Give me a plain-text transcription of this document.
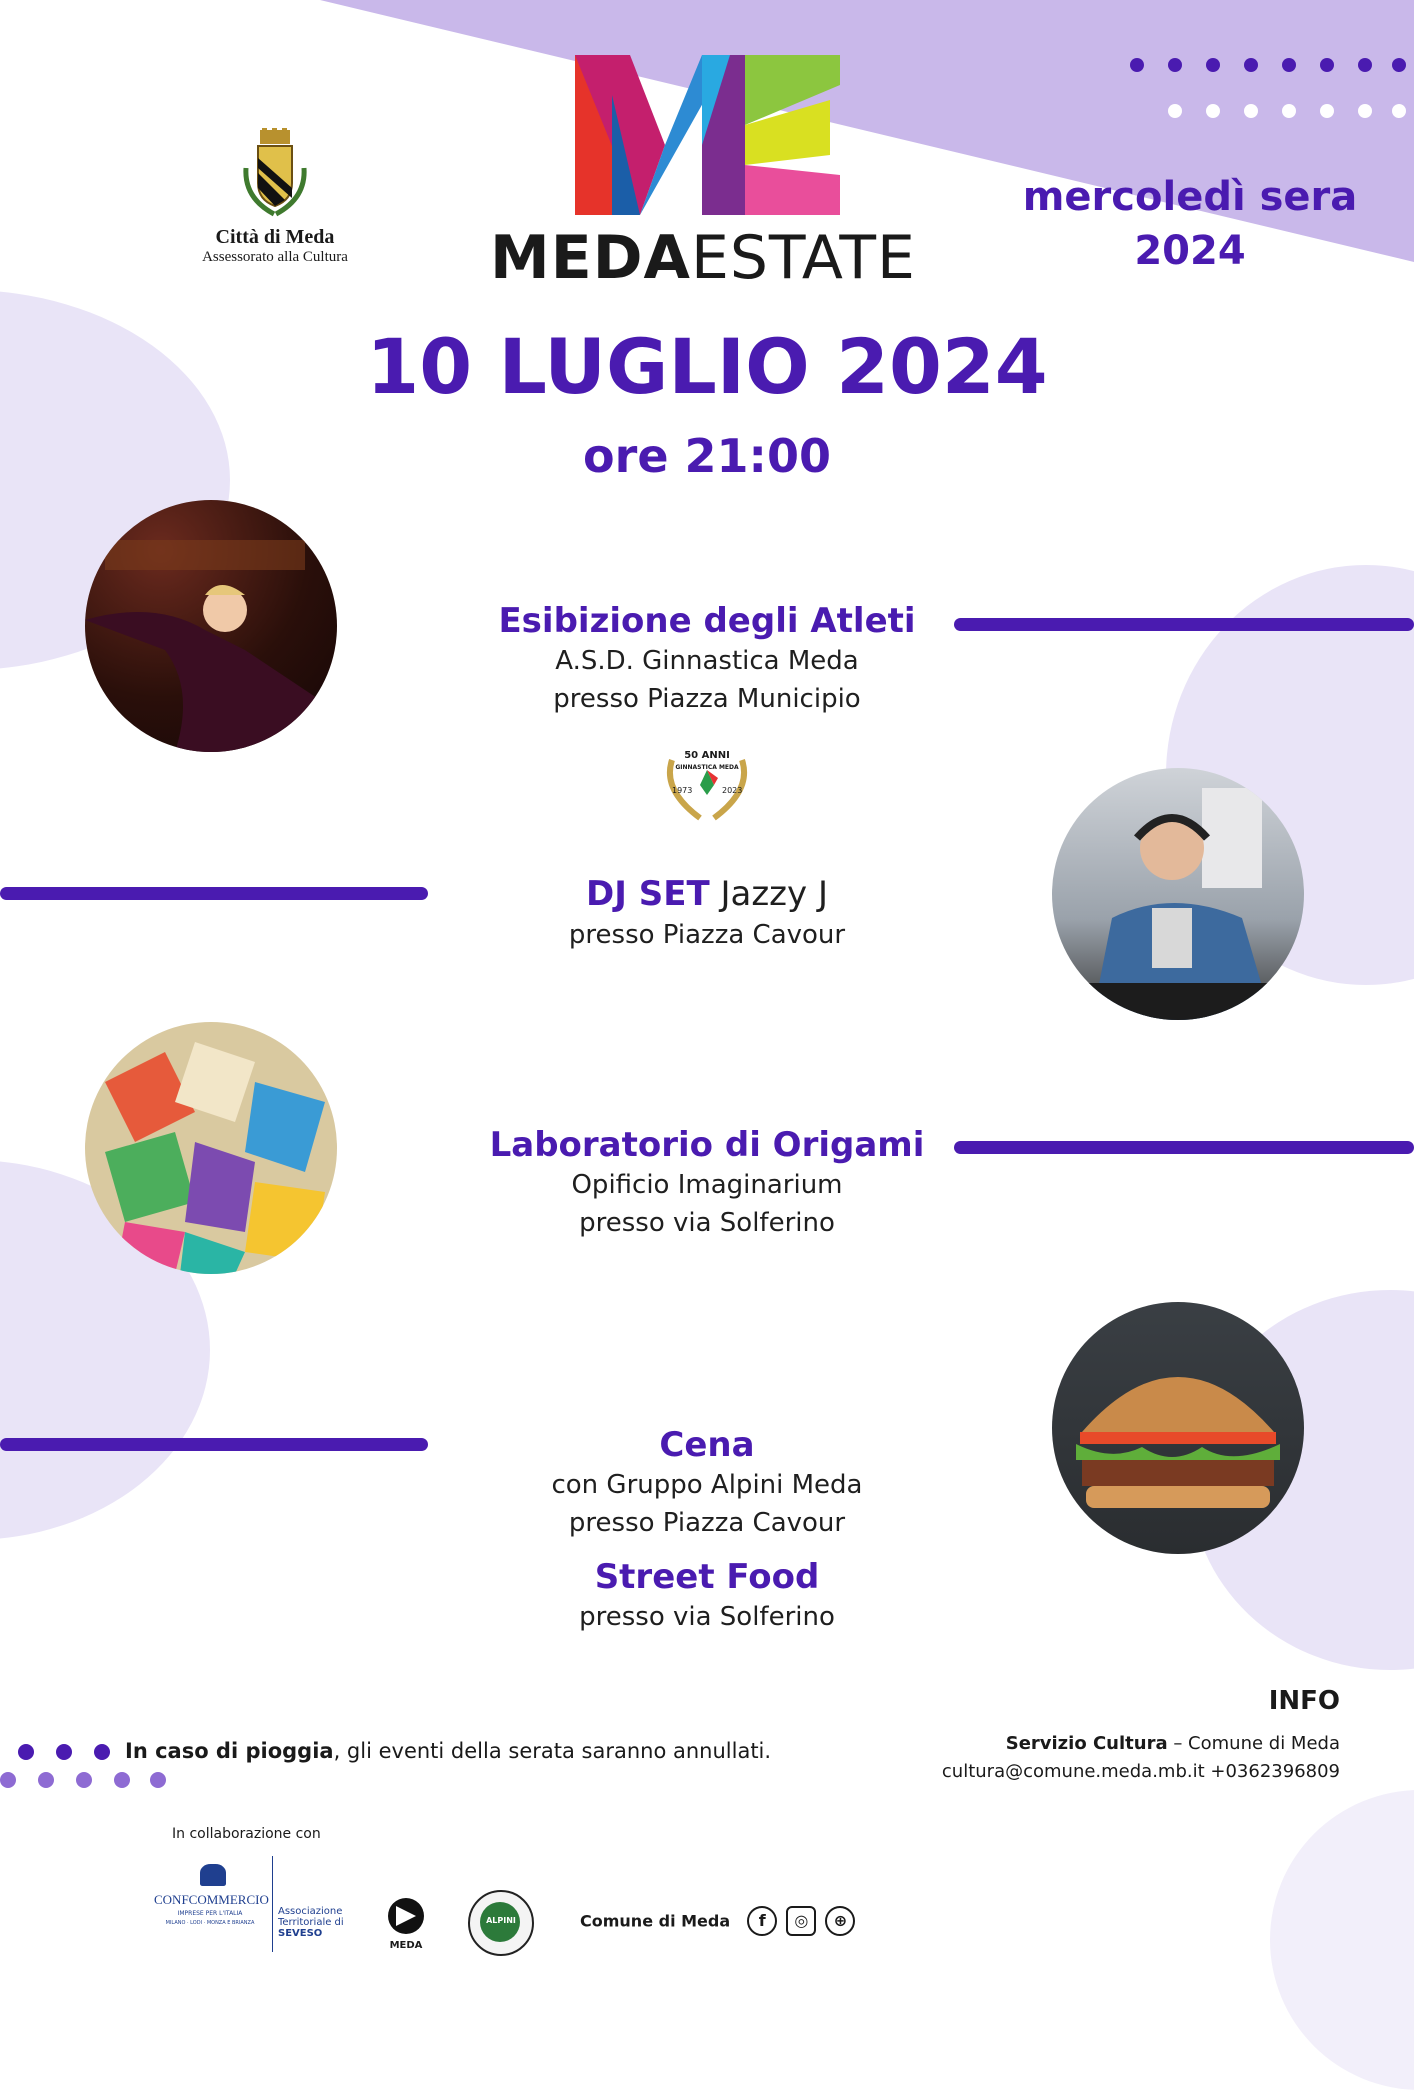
Città di Meda
Assessorato alla Cultura MEDAESTATE
mercoledì sera
2024
10 LUGLIO 2024
ore 21:00
Esibizione degli Atleti
A.S.D. Ginnastica Meda
presso Piazza Municipio
50 ANNI
GINNASTICA MEDA
1973	2023
DJ SET Jazzy J
presso Piazza Cavour
Laboratorio di Origami
Opificio Imaginarium
presso via Solferino
Cena
con Gruppo Alpini Meda
presso Piazza Cavour
Street Food
presso via Solferino
In caso di pioggia, gli eventi della serata saranno annullati.
INFO
Servizio Cultura – Comune di Meda
cultura@comune.meda.mb.it +0362396809
In collaborazione con
CONFCOMMERCIO
IMPRESE PER L'ITALIA
MILANO · LODI · MONZA E BRIANZA
Associazione
Territoriale di
SEVESO
MEDA
ALPINI	Comune di Meda f ◎ ⊕
